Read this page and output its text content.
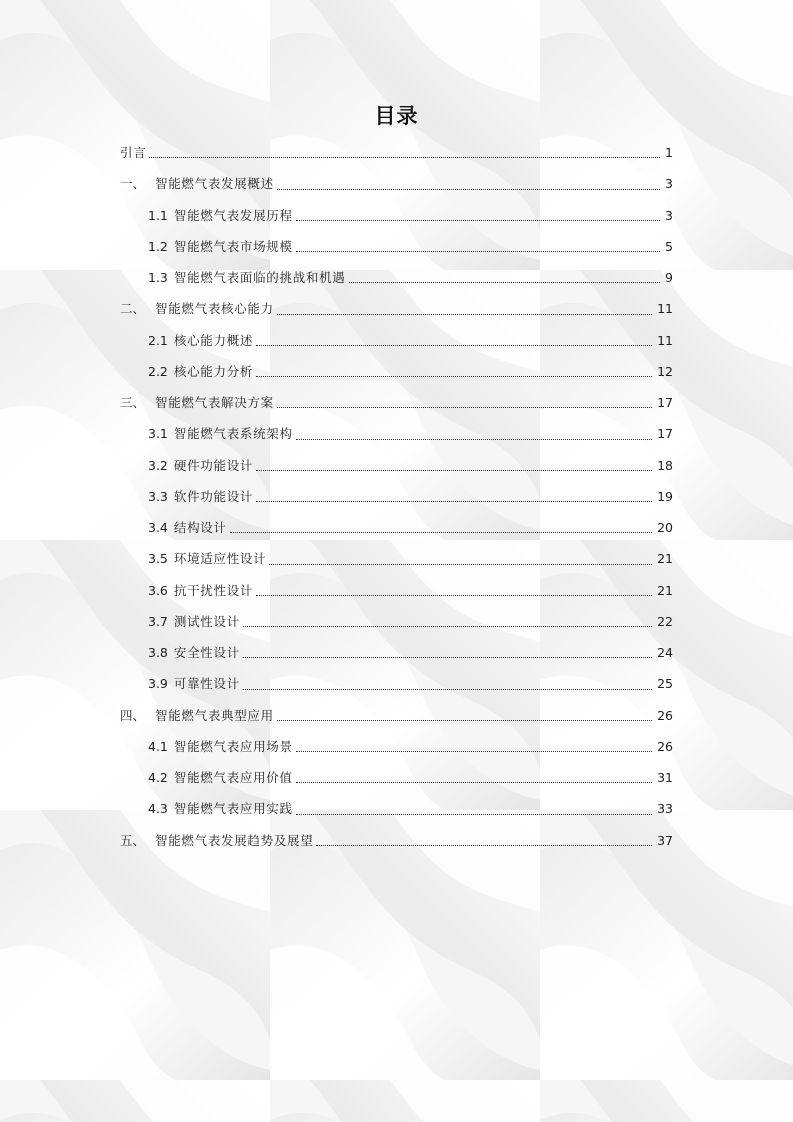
目录
引言	1
一、 智能燃气表发展概述	3
1.1 智能燃气表发展历程	3
1.2 智能燃气表市场规模	5
1.3 智能燃气表面临的挑战和机遇	9
二、 智能燃气表核心能力	11
2.1 核心能力概述	11
2.2 核心能力分析	12
三、 智能燃气表解决方案	17
3.1 智能燃气表系统架构	17
3.2 硬件功能设计	18
3.3 软件功能设计	19
3.4 结构设计	20
3.5 环境适应性设计	21
3.6 抗干扰性设计	21
3.7 测试性设计	22
3.8 安全性设计	24
3.9 可靠性设计	25
四、 智能燃气表典型应用	26
4.1 智能燃气表应用场景	26
4.2 智能燃气表应用价值	31
4.3 智能燃气表应用实践	33
五、 智能燃气表发展趋势及展望	37
